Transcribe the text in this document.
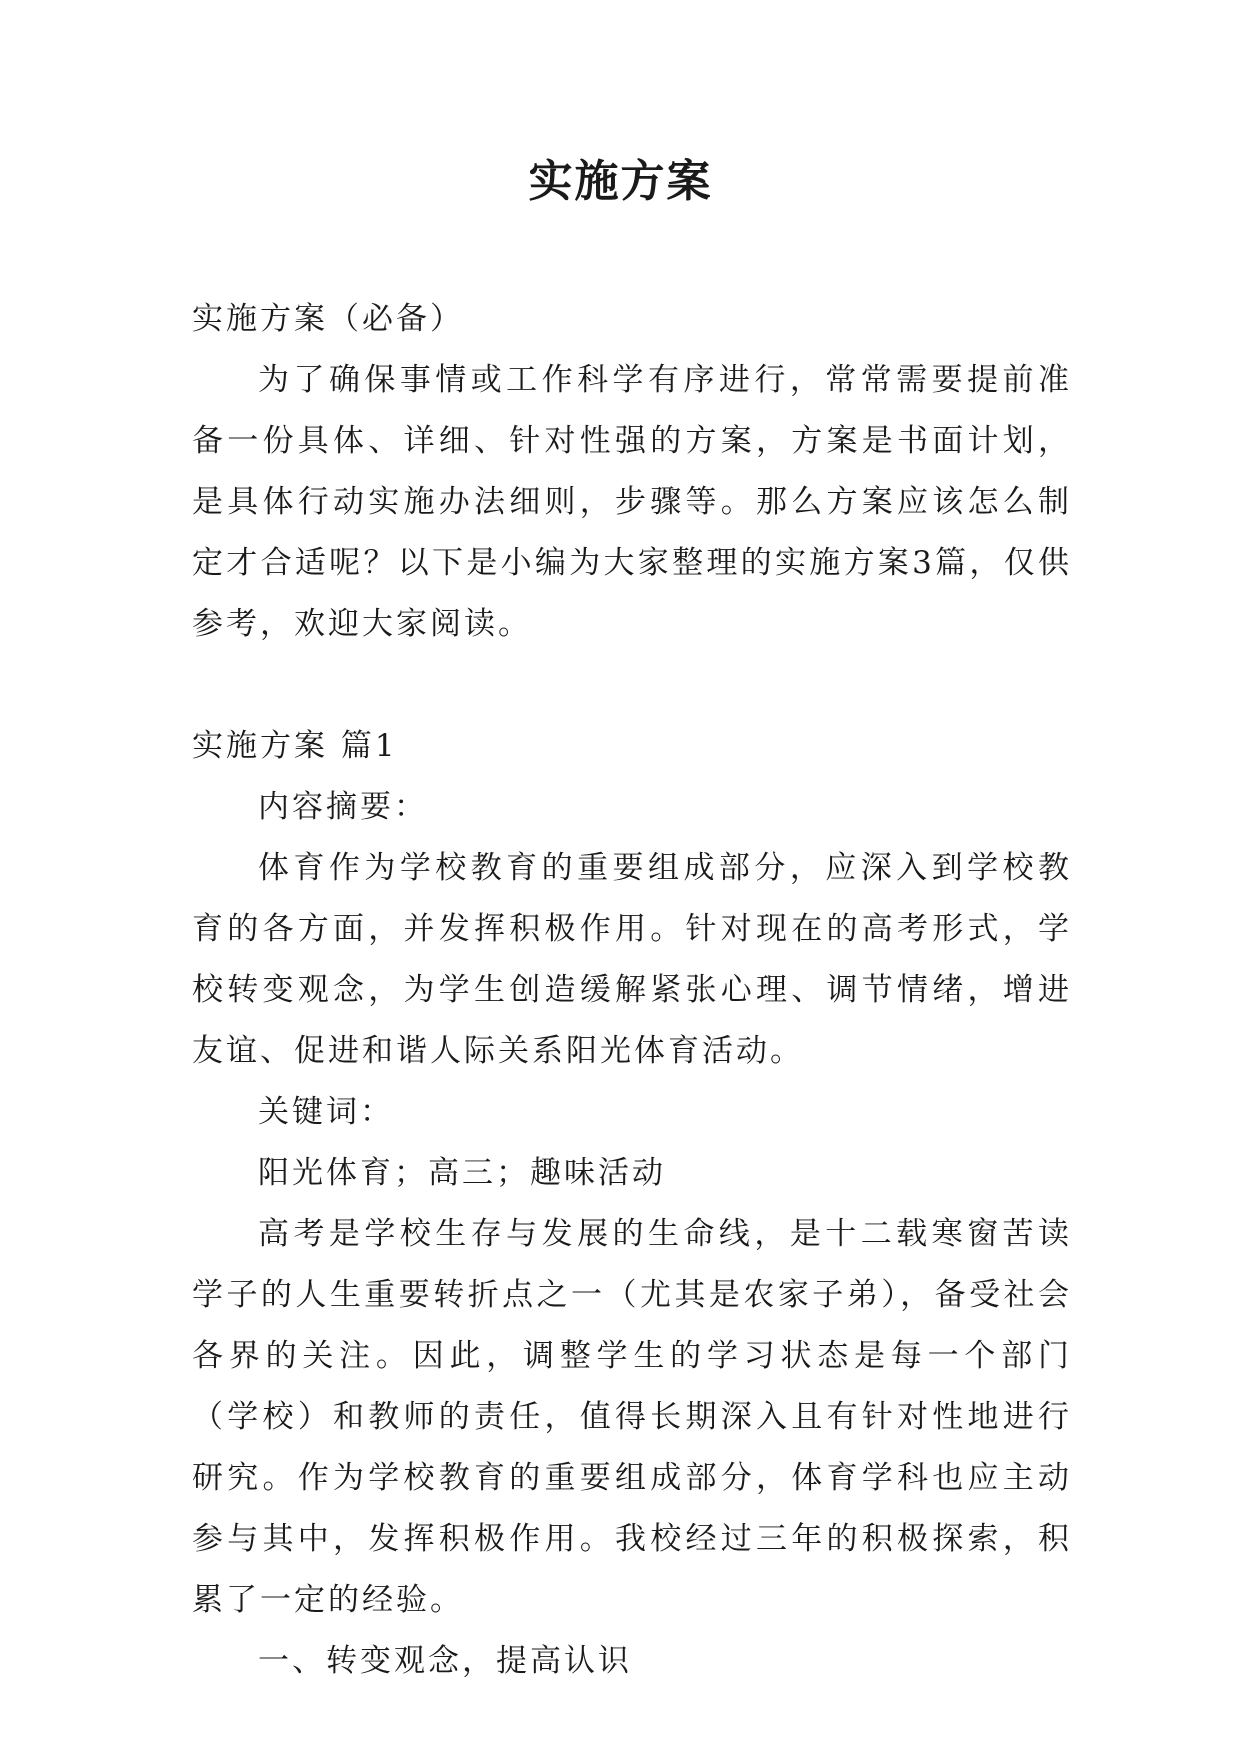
实施方案

实施方案（必备）

为了确保事情或工作科学有序进行，常常需要提前准备一份具体、详细、针对性强的方案，方案是书面计划，是具体行动实施办法细则，步骤等。那么方案应该怎么制定才合适呢？以下是小编为大家整理的实施方案3篇，仅供参考，欢迎大家阅读。

实施方案 篇1

内容摘要：

体育作为学校教育的重要组成部分，应深入到学校教育的各方面，并发挥积极作用。针对现在的高考形式，学校转变观念，为学生创造缓解紧张心理、调节情绪，增进友谊、促进和谐人际关系阳光体育活动。

关键词：

阳光体育；高三；趣味活动

高考是学校生存与发展的生命线，是十二载寒窗苦读学子的人生重要转折点之一（尤其是农家子弟），备受社会各界的关注。因此，调整学生的学习状态是每一个部门（学校）和教师的责任，值得长期深入且有针对性地进行研究。作为学校教育的重要组成部分，体育学科也应主动参与其中，发挥积极作用。我校经过三年的积极探索，积累了一定的经验。

一、转变观念，提高认识
